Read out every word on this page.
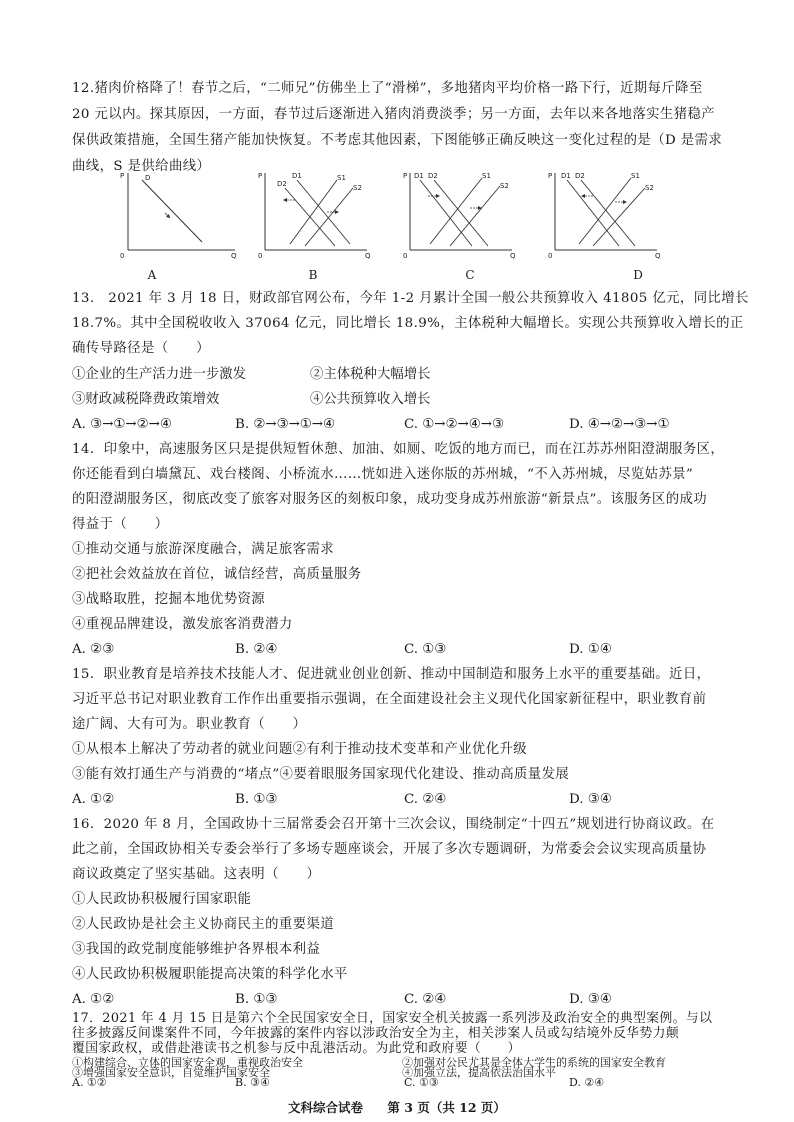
12.猪肉价格降了！春节之后，“二师兄”仿佛坐上了“滑梯”，多地猪肉平均价格一路下行，近期每斤降至
20 元以内。探其原因，一方面，春节过后逐渐进入猪肉消费淡季；另一方面，去年以来各地落实生猪稳产
保供政策措施，全国生猪产能加快恢复。不考虑其他因素，下图能够正确反映这一变化过程的是（D 是需求
曲线，S 是供给曲线）
P
Q
0
D
A
P
Q
0
D2
D1	S1
S2
B
P
Q
0
D1 D2	S1
S2
C
P
Q
0
D1 D2	S1
S2
D
13.　2021 年 3 月 18 日，财政部官网公布，今年 1-2 月累计全国一般公共预算收入 41805 亿元，同比增长
18.7%。其中全国税收收入 37064 亿元，同比增长 18.9%，主体税种大幅增长。实现公共预算收入增长的正
确传导路径是（　　）
①企业的生产活力进一步激发	②主体税种大幅增长
③财政减税降费政策增效	④公共预算收入增长
A. ③→①→②→④	B. ②→③→①→④	C. ①→②→④→③	D. ④→②→③→①
14．印象中，高速服务区只是提供短暂休憩、加油、如厕、吃饭的地方而已，而在江苏苏州阳澄湖服务区，
你还能看到白墙黛瓦、戏台楼阁、小桥流水……恍如进入迷你版的苏州城，“不入苏州城，尽览姑苏景”
的阳澄湖服务区，彻底改变了旅客对服务区的刻板印象，成功变身成苏州旅游“新景点”。该服务区的成功
得益于（　　）
①推动交通与旅游深度融合，满足旅客需求
②把社会效益放在首位，诚信经营，高质量服务
③战略取胜，挖掘本地优势资源
④重视品牌建设，激发旅客消费潜力
A. ②③	B. ②④	C. ①③	D. ①④
15．职业教育是培养技术技能人才、促进就业创业创新、推动中国制造和服务上水平的重要基础。近日，
习近平总书记对职业教育工作作出重要指示强调，在全面建设社会主义现代化国家新征程中，职业教育前
途广阔、大有可为。职业教育（　　）
①从根本上解决了劳动者的就业问题②有利于推动技术变革和产业优化升级
③能有效打通生产与消费的“堵点”④要着眼服务国家现代化建设、推动高质量发展
A. ①②	B. ①③	C. ②④	D. ③④
16．2020 年 8 月，全国政协十三届常委会召开第十三次会议，围绕制定“十四五”规划进行协商议政。在
此之前，全国政协相关专委会举行了多场专题座谈会，开展了多次专题调研，为常委会会议实现高质量协
商议政奠定了坚实基础。这表明（　　）
①人民政协积极履行国家职能
②人民政协是社会主义协商民主的重要渠道
③我国的政党制度能够维护各界根本利益
④人民政协积极履职能提高决策的科学化水平
A. ①②	B. ①③	C. ②④	D. ③④
17．2021 年 4 月 15 日是第六个全民国家安全日，国家安全机关披露一系列涉及政治安全的典型案例。与以
往多披露反间谍案件不同，今年披露的案件内容以涉政治安全为主，相关涉案人员或勾结境外反华势力颠
覆国家政权，或借赴港读书之机参与反中乱港活动。为此党和政府要（　　）
文科综合试卷 第 3 页（共 12 页）
①构建综合、立体的国家安全观，重视政治安全	②加强对公民尤其是全体大学生的系统的国家安全教育
③增强国家安全意识，自觉维护国家安全	④加强立法，提高依法治国水平
A. ①②	B. ③④	C. ①③	D. ②④
